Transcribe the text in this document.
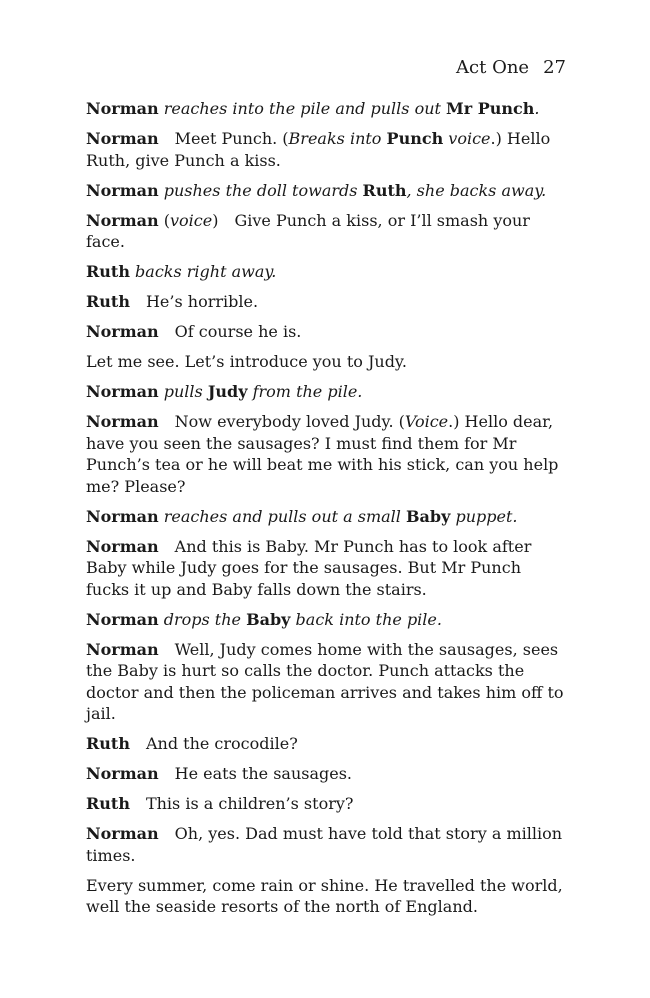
Act One 27

Norman reaches into the pile and pulls out Mr Punch.

Norman Meet Punch. (Breaks into Punch voice.) Hello Ruth, give Punch a kiss.

Norman pushes the doll towards Ruth, she backs away.

Norman (voice) Give Punch a kiss, or I’ll smash your face.

Ruth backs right away.

Ruth He’s horrible.

Norman Of course he is.

Let me see. Let’s introduce you to Judy.

Norman pulls Judy from the pile.

Norman Now everybody loved Judy. (Voice.) Hello dear, have you seen the sausages? I must find them for Mr Punch’s tea or he will beat me with his stick, can you help me? Please?

Norman reaches and pulls out a small Baby puppet.

Norman And this is Baby. Mr Punch has to look after Baby while Judy goes for the sausages. But Mr Punch fucks it up and Baby falls down the stairs.

Norman drops the Baby back into the pile.

Norman Well, Judy comes home with the sausages, sees the Baby is hurt so calls the doctor. Punch attacks the doctor and then the policeman arrives and takes him off to jail.

Ruth And the crocodile?

Norman He eats the sausages.

Ruth This is a children’s story?

Norman Oh, yes. Dad must have told that story a million times.

Every summer, come rain or shine. He travelled the world, well the seaside resorts of the north of England.
